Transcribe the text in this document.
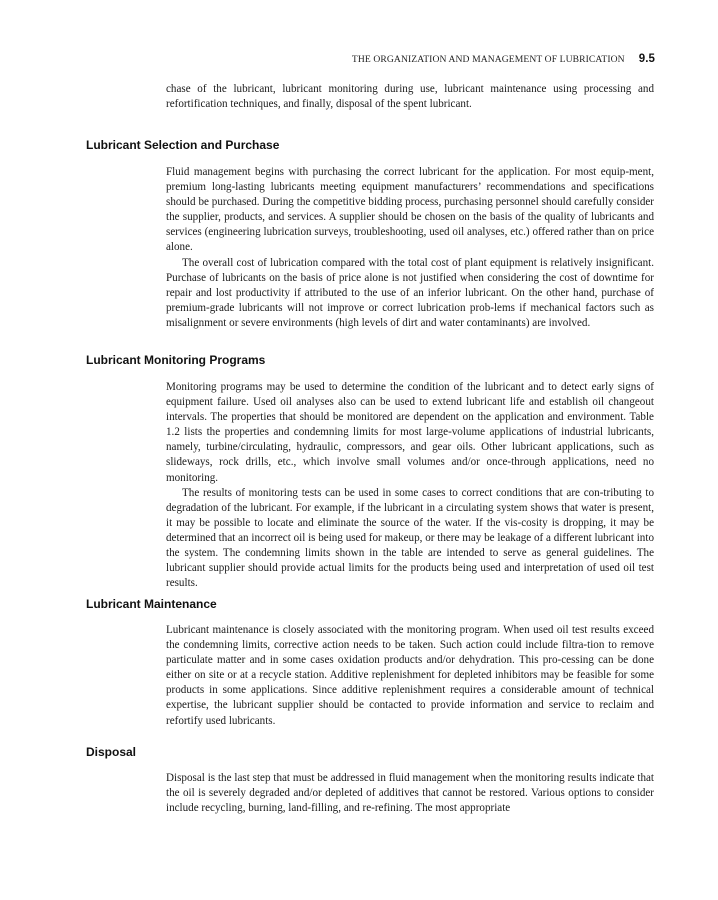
THE ORGANIZATION AND MANAGEMENT OF LUBRICATION 9.5

chase of the lubricant, lubricant monitoring during use, lubricant maintenance using processing and refortification techniques, and finally, disposal of the spent lubricant.

Lubricant Selection and Purchase

Fluid management begins with purchasing the correct lubricant for the application. For most equip-ment, premium long-lasting lubricants meeting equipment manufacturers’ recommendations and specifications should be purchased. During the competitive bidding process, purchasing personnel should carefully consider the supplier, products, and services. A supplier should be chosen on the basis of the quality of lubricants and services (engineering lubrication surveys, troubleshooting, used oil analyses, etc.) offered rather than on price alone.

The overall cost of lubrication compared with the total cost of plant equipment is relatively insignificant. Purchase of lubricants on the basis of price alone is not justified when considering the cost of downtime for repair and lost productivity if attributed to the use of an inferior lubricant. On the other hand, purchase of premium-grade lubricants will not improve or correct lubrication prob-lems if mechanical factors such as misalignment or severe environments (high levels of dirt and water contaminants) are involved.

Lubricant Monitoring Programs

Monitoring programs may be used to determine the condition of the lubricant and to detect early signs of equipment failure. Used oil analyses also can be used to extend lubricant life and establish oil changeout intervals. The properties that should be monitored are dependent on the application and environment. Table 1.2 lists the properties and condemning limits for most large-volume applications of industrial lubricants, namely, turbine/circulating, hydraulic, compressors, and gear oils. Other lubricant applications, such as slideways, rock drills, etc., which involve small volumes and/or once-through applications, need no monitoring.

The results of monitoring tests can be used in some cases to correct conditions that are con-tributing to degradation of the lubricant. For example, if the lubricant in a circulating system shows that water is present, it may be possible to locate and eliminate the source of the water. If the vis-cosity is dropping, it may be determined that an incorrect oil is being used for makeup, or there may be leakage of a different lubricant into the system. The condemning limits shown in the table are intended to serve as general guidelines. The lubricant supplier should provide actual limits for the products being used and interpretation of used oil test results.

Lubricant Maintenance

Lubricant maintenance is closely associated with the monitoring program. When used oil test results exceed the condemning limits, corrective action needs to be taken. Such action could include filtra-tion to remove particulate matter and in some cases oxidation products and/or dehydration. This pro-cessing can be done either on site or at a recycle station. Additive replenishment for depleted inhibitors may be feasible for some products in some applications. Since additive replenishment requires a considerable amount of technical expertise, the lubricant supplier should be contacted to provide information and service to reclaim and refortify used lubricants.

Disposal

Disposal is the last step that must be addressed in fluid management when the monitoring results indicate that the oil is severely degraded and/or depleted of additives that cannot be restored. Various options to consider include recycling, burning, land-filling, and re-refining. The most appropriate
